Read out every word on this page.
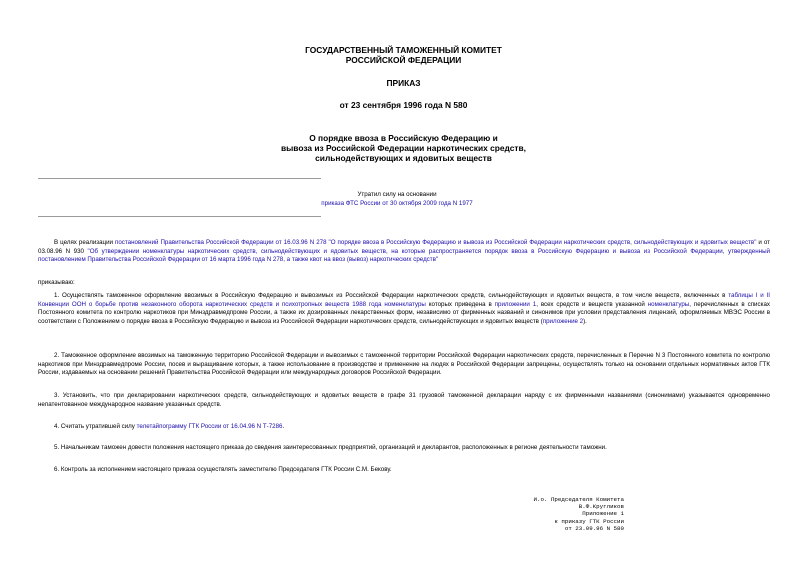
ГОСУДАРСТВЕННЫЙ ТАМОЖЕННЫЙ КОМИТЕТ
РОССИЙСКОЙ ФЕДЕРАЦИИ
ПРИКАЗ
от 23 сентября 1996 года N 580
О порядке ввоза в Российскую Федерацию и
вывоза из Российской Федерации наркотических средств,
сильнодействующих и ядовитых веществ
Утратил силу на основании
приказа ФТС России от 30 октября 2009 года N 1977
В целях реализации постановлений Правительства Российской Федерации от 16.03.96 N 278 "О порядке ввоза в Российскую Федерацию и вывоза из Российской Федерации наркотических средств, сильнодействующих и ядовитых веществ" и от 03.08.96 N 930 "Об утверждении номенклатуры наркотических средств, сильнодействующих и ядовитых веществ, на которые распространяется порядок ввоза в Российскую Федерацию и вывоза из Российской Федерации, утвержденный постановлением Правительства Российской Федерации от 16 марта 1996 года N 278, а также квот на ввоз (вывоз) наркотических средств"
приказываю:
1. Осуществлять таможенное оформление ввозимых в Российскую Федерацию и вывозимых из Российской Федерации наркотических средств, сильнодействующих и ядовитых веществ, в том числе веществ, включенных в таблицы I и II Конвенции ООН о борьбе против незаконного оборота наркотических средств и психотропных веществ 1988 года номенклатуры которых приведена в приложении 1, всех средств и веществ указанной номенклатуры, перечисленных в списках Постоянного комитета по контролю наркотиков при Минздравмедпроме России, а также их дозированных лекарственных форм, независимо от фирменных названий и синонимов при условии представления лицензий, оформляемых МВЭС России в соответствии с Положением о порядке ввоза в Российскую Федерацию и вывоза из Российской Федерации наркотических средств, сильнодействующих и ядовитых веществ (приложение 2).
2. Таможенное оформление ввозимых на таможенную территорию Российской Федерации и вывозимых с таможенной территории Российской Федерации наркотических средств, перечисленных в Перечне N 3 Постоянного комитета по контролю наркотиков при Минздравмедпроме России, посев и выращивание которых, а также использование в производстве и применение на людях в Российской Федерации запрещены, осуществлять только на основании отдельных нормативных актов ГТК России, издаваемых на основании решений Правительства Российской Федерации или международных договоров Российской Федерации.
3. Установить, что при декларировании наркотических средств, сильнодействующих и ядовитых веществ в графе 31 грузовой таможенной декларации наряду с их фирменными названиями (синонимами) указывается одновременно непатентованное международное название указанных средств.
4. Считать утратившей силу телетайпограмму ГТК России от 16.04.96 N Т-7286.
5. Начальникам таможен довести положения настоящего приказа до сведения заинтересованных предприятий, организаций и декларантов, расположенных в регионе деятельности таможни.
6. Контроль за исполнением настоящего приказа осуществлять заместителю Председателя ГТК России С.М. Бекову.
И.о. Председателя Комитета
В.Ф.Кругликов
Приложение 1
к приказу ГТК России
от 23.09.96 N 580
